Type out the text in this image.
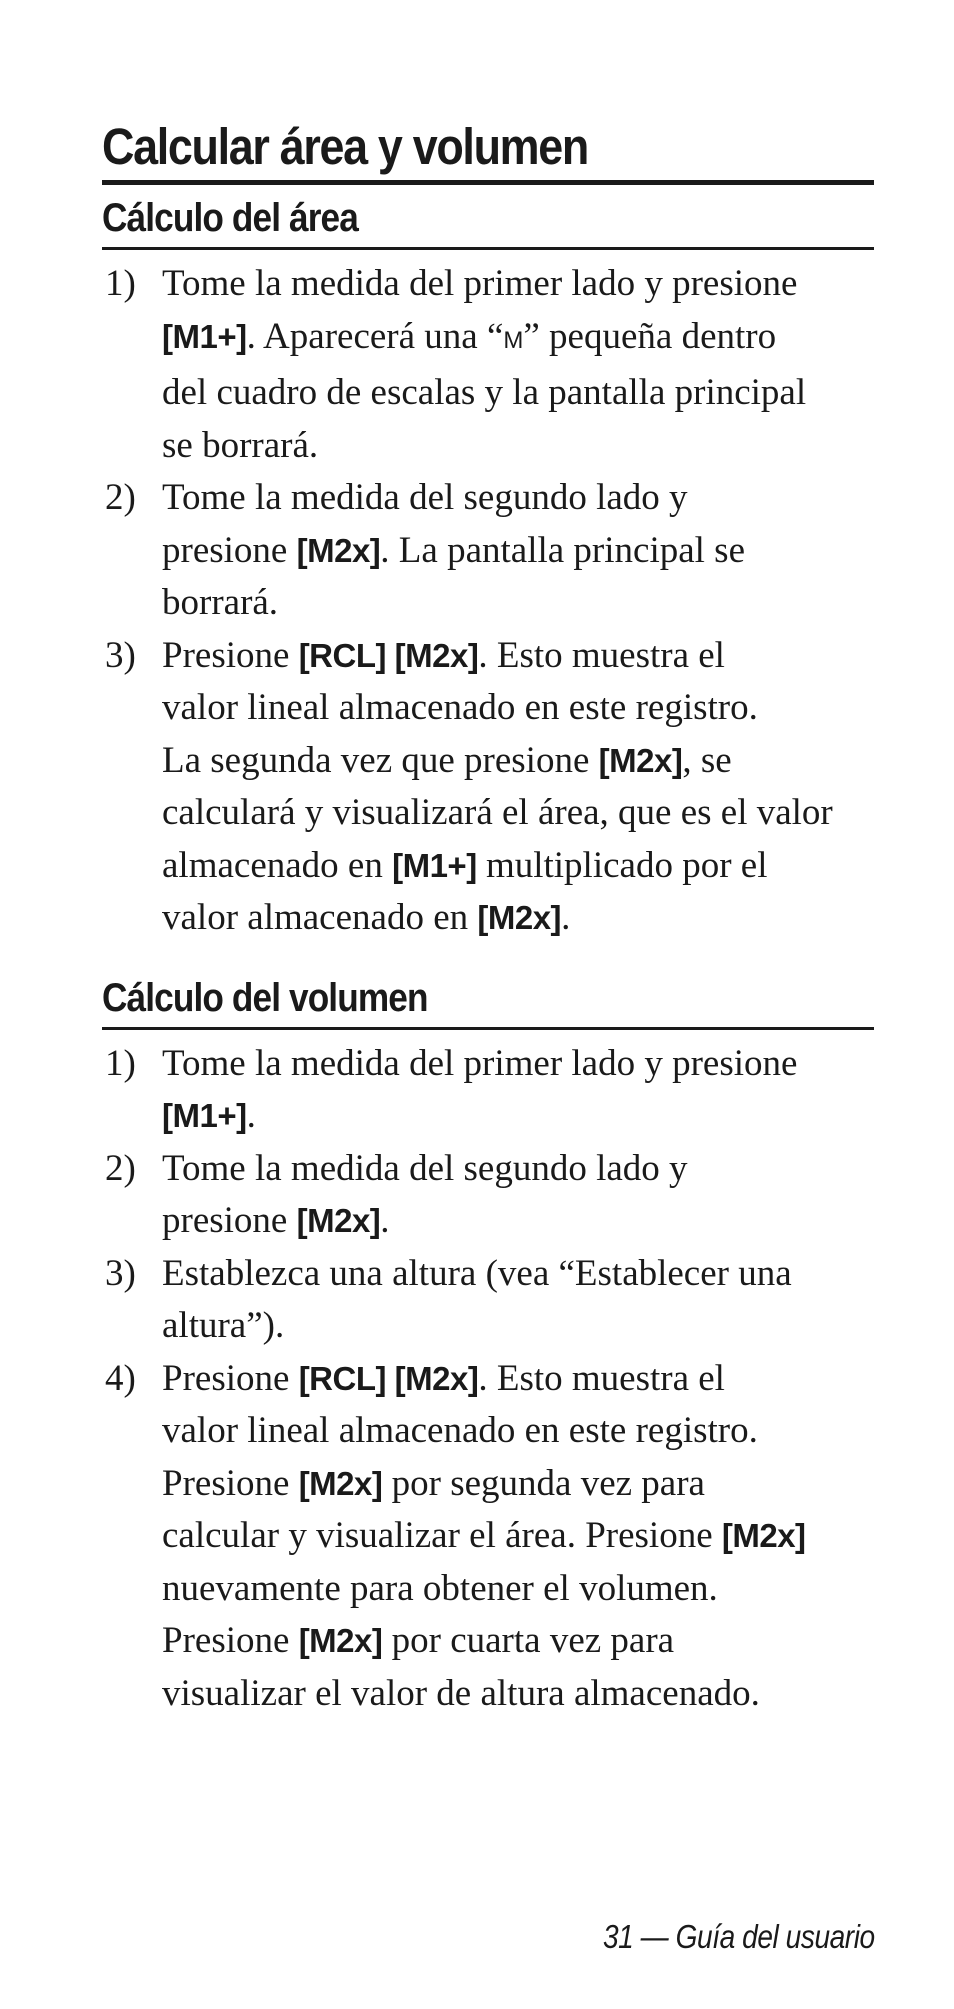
Calcular área y volumen
Cálculo del área
1) Tome la medida del primer lado y presione
[M1+]. Aparecerá una “M” pequeña dentro
del cuadro de escalas y la pantalla principal
se borrará.
2) Tome la medida del segundo lado y
presione [M2x]. La pantalla principal se
borrará.
3) Presione [RCL] [M2x]. Esto muestra el
valor lineal almacenado en este registro.
La segunda vez que presione [M2x], se
calculará y visualizará el área, que es el valor
almacenado en [M1+] multiplicado por el
valor almacenado en [M2x].
Cálculo del volumen
1) Tome la medida del primer lado y presione
[M1+].
2) Tome la medida del segundo lado y
presione [M2x].
3) Establezca una altura (vea “Establecer una
altura”).
4) Presione [RCL] [M2x]. Esto muestra el
valor lineal almacenado en este registro.
Presione [M2x] por segunda vez para
calcular y visualizar el área. Presione [M2x]
nuevamente para obtener el volumen.
Presione [M2x] por cuarta vez para
visualizar el valor de altura almacenado.
31 — Guía del usuario
